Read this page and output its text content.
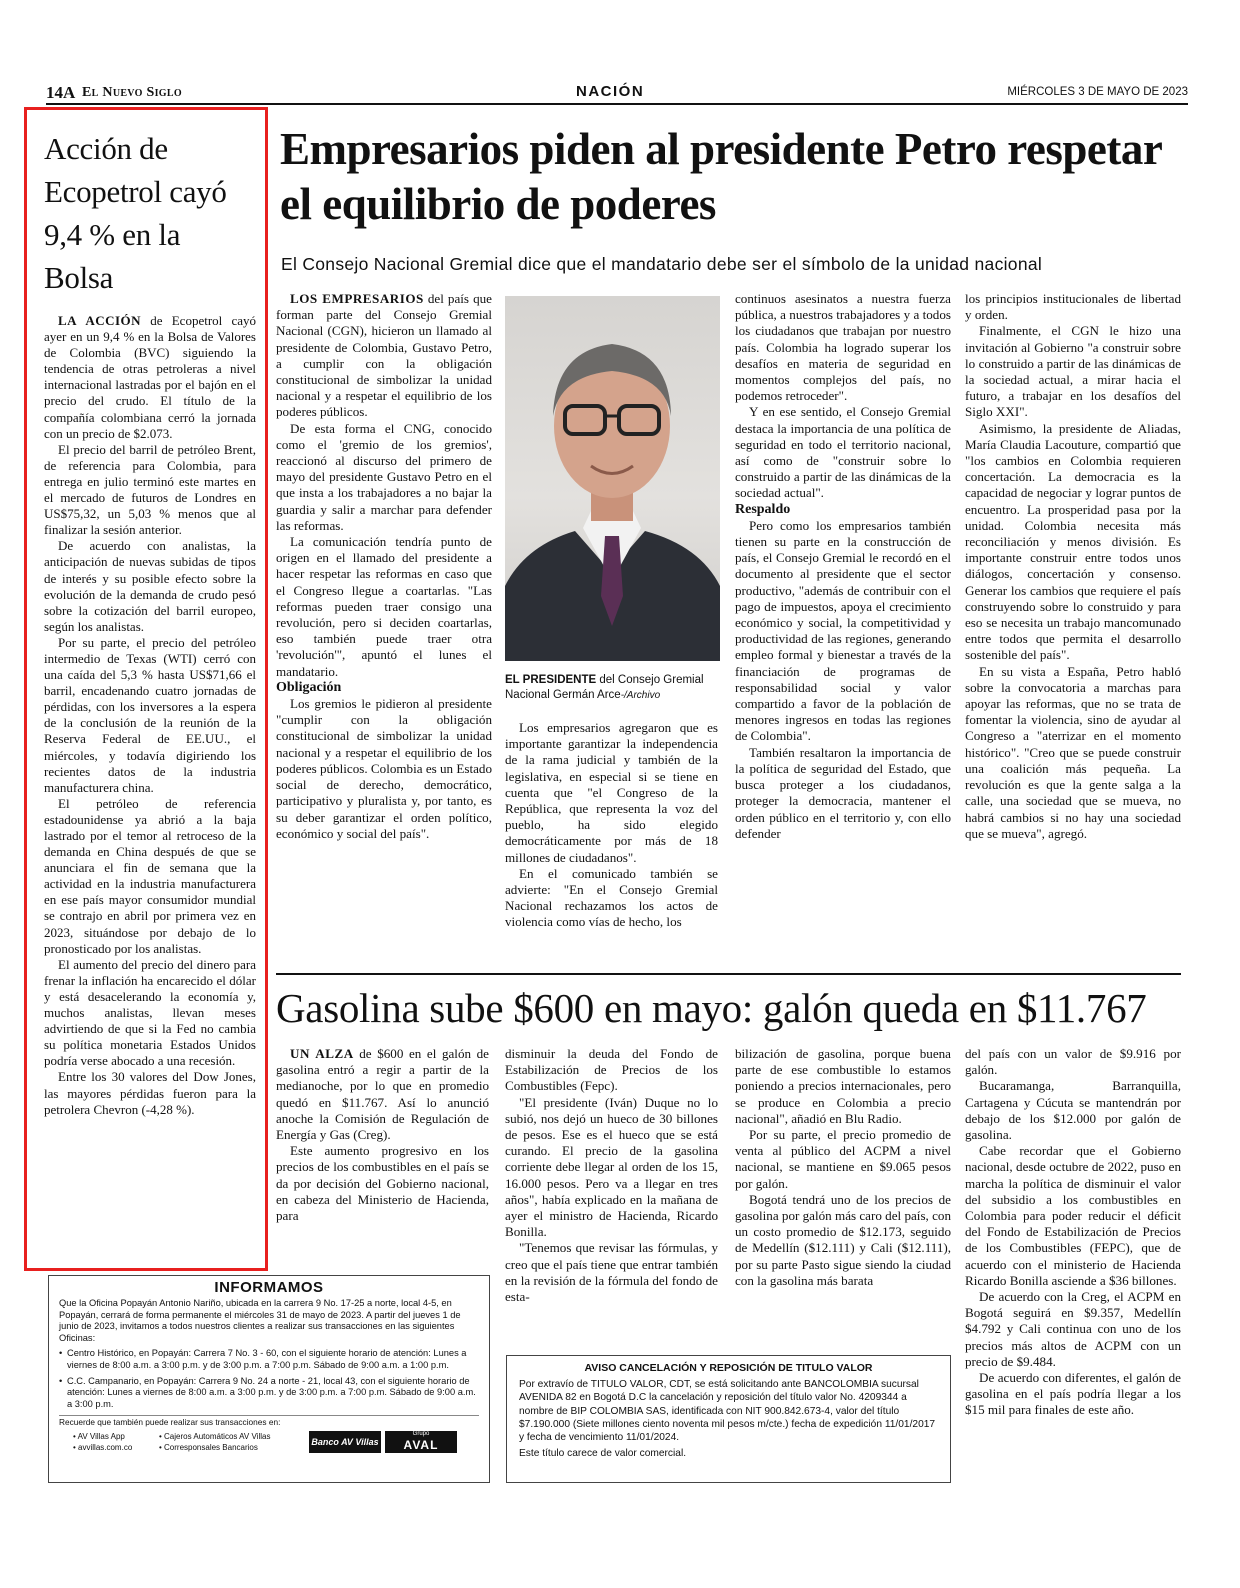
14A El Nuevo Siglo	NACIÓN	MIÉRCOLES 3 DE MAYO DE 2023
Acción de Ecopetrol cayó 9,4 % en la Bolsa

LA ACCIÓN de Ecopetrol cayó ayer en un 9,4 % en la Bolsa de Valores de Colombia (BVC) siguiendo la tendencia de otras petroleras a nivel internacional lastradas por el bajón en el precio del crudo. El título de la compañía colombiana cerró la jornada con un precio de $2.073.

El precio del barril de petróleo Brent, de referencia para Colombia, para entrega en julio terminó este martes en el mercado de futuros de Londres en US$75,32, un 5,03 % menos que al finalizar la sesión anterior.

De acuerdo con analistas, la anticipación de nuevas subidas de tipos de interés y su posible efecto sobre la evolución de la demanda de crudo pesó sobre la cotización del barril europeo, según los analistas.

Por su parte, el precio del petróleo intermedio de Texas (WTI) cerró con una caída del 5,3 % hasta US$71,66 el barril, encadenando cuatro jornadas de pérdidas, con los inversores a la espera de la conclusión de la reunión de la Reserva Federal de EE.UU., el miércoles, y todavía digiriendo los recientes datos de la industria manufacturera china.

El petróleo de referencia estadounidense ya abrió a la baja lastrado por el temor al retroceso de la demanda en China después de que se anunciara el fin de semana que la actividad en la industria manufacturera en ese país mayor consumidor mundial se contrajo en abril por primera vez en 2023, situándose por debajo de lo pronosticado por los analistas.

El aumento del precio del dinero para frenar la inflación ha encarecido el dólar y está desacelerando la economía y, muchos analistas, llevan meses advirtiendo de que si la Fed no cambia su política monetaria Estados Unidos podría verse abocado a una recesión.

Entre los 30 valores del Dow Jones, las mayores pérdidas fueron para la petrolera Chevron (-4,28 %).

Empresarios piden al presidente Petro respetar el equilibrio de poderes
El Consejo Nacional Gremial dice que el mandatario debe ser el símbolo de la unidad nacional

LOS EMPRESARIOS del país que forman parte del Consejo Gremial Nacional (CGN), hicieron un llamado al presidente de Colombia, Gustavo Petro, a cumplir con la obligación constitucional de simbolizar la unidad nacional y a respetar el equilibrio de los poderes públicos.

De esta forma el CNG, conocido como el 'gremio de los gremios', reaccionó al discurso del primero de mayo del presidente Gustavo Petro en el que insta a los trabajadores a no bajar la guardia y salir a marchar para defender las reformas.

La comunicación tendría punto de origen en el llamado del presidente a hacer respetar las reformas en caso que el Congreso llegue a coartarlas. "Las reformas pueden traer consigo una revolución, pero si deciden coartarlas, eso también puede traer otra 'revolución'", apuntó el lunes el mandatario.

Obligación

Los gremios le pidieron al presidente "cumplir con la obligación constitucional de simbolizar la unidad nacional y a respetar el equilibrio de los poderes públicos. Colombia es un Estado social de derecho, democrático, participativo y pluralista y, por tanto, es su deber garantizar el orden político, económico y social del país".

EL PRESIDENTE del Consejo Gremial Nacional Germán Arce-/Archivo

Los empresarios agregaron que es importante garantizar la independencia de la rama judicial y también de la legislativa, en especial si se tiene en cuenta que "el Congreso de la República, que representa la voz del pueblo, ha sido elegido democráticamente por más de 18 millones de ciudadanos".

En el comunicado también se advierte: "En el Consejo Gremial Nacional rechazamos los actos de violencia como vías de hecho, los

continuos asesinatos a nuestra fuerza pública, a nuestros trabajadores y a todos los ciudadanos que trabajan por nuestro país. Colombia ha logrado superar los desafíos en materia de seguridad en momentos complejos del país, no podemos retroceder".

Y en ese sentido, el Consejo Gremial destaca la importancia de una política de seguridad en todo el territorio nacional, así como de "construir sobre lo construido a partir de las dinámicas de la sociedad actual".

Respaldo

Pero como los empresarios también tienen su parte en la construcción de país, el Consejo Gremial le recordó en el documento al presidente que el sector productivo, "además de contribuir con el pago de impuestos, apoya el crecimiento económico y social, la competitividad y productividad de las regiones, generando empleo formal y bienestar a través de la financiación de programas de responsabilidad social y valor compartido a favor de la población de menores ingresos en todas las regiones de Colombia".

También resaltaron la importancia de la política de seguridad del Estado, que busca proteger a los ciudadanos, proteger la democracia, mantener el orden público en el territorio y, con ello defender

los principios institucionales de libertad y orden.

Finalmente, el CGN le hizo una invitación al Gobierno "a construir sobre lo construido a partir de las dinámicas de la sociedad actual, a mirar hacia el futuro, a trabajar en los desafíos del Siglo XXI".

Asimismo, la presidente de Aliadas, María Claudia Lacouture, compartió que "los cambios en Colombia requieren concertación. La democracia es la capacidad de negociar y lograr puntos de encuentro. La prosperidad pasa por la unidad. Colombia necesita más reconciliación y menos división. Es importante construir entre todos unos diálogos, concertación y consenso. Generar los cambios que requiere el país construyendo sobre lo construido y para eso se necesita un trabajo mancomunado entre todos que permita el desarrollo sostenible del país".

En su vista a España, Petro habló sobre la convocatoria a marchas para apoyar las reformas, que no se trata de fomentar la violencia, sino de ayudar al Congreso a "aterrizar en el momento histórico". "Creo que se puede construir una coalición más pequeña. La revolución es que la gente salga a la calle, una sociedad que se mueva, no habrá cambios si no hay una sociedad que se mueva", agregó.

Gasolina sube $600 en mayo: galón queda en $11.767

UN ALZA de $600 en el galón de gasolina entró a regir a partir de la medianoche, por lo que en promedio quedó en $11.767. Así lo anunció anoche la Comisión de Regulación de Energía y Gas (Creg).

Este aumento progresivo en los precios de los combustibles en el país se da por decisión del Gobierno nacional, en cabeza del Ministerio de Hacienda, para

disminuir la deuda del Fondo de Estabilización de Precios de los Combustibles (Fepc).

"El presidente (Iván) Duque no lo subió, nos dejó un hueco de 30 billones de pesos. Ese es el hueco que se está curando. El precio de la gasolina corriente debe llegar al orden de los 15, 16.000 pesos. Pero va a llegar en tres años", había explicado en la mañana de ayer el ministro de Hacienda, Ricardo Bonilla.

"Tenemos que revisar las fórmulas, y creo que el país tiene que entrar también en la revisión de la fórmula del fondo de esta-

bilización de gasolina, porque buena parte de ese combustible lo estamos poniendo a precios internacionales, pero se produce en Colombia a precio nacional", añadió en Blu Radio.

Por su parte, el precio promedio de venta al público del ACPM a nivel nacional, se mantiene en $9.065 pesos por galón.

Bogotá tendrá uno de los precios de gasolina por galón más caro del país, con un costo promedio de $12.173, seguido de Medellín ($12.111) y Cali ($12.111), por su parte Pasto sigue siendo la ciudad con la gasolina más barata

del país con un valor de $9.916 por galón.

Bucaramanga, Barranquilla, Cartagena y Cúcuta se mantendrán por debajo de los $12.000 por galón de gasolina.

Cabe recordar que el Gobierno nacional, desde octubre de 2022, puso en marcha la política de disminuir el valor del subsidio a los combustibles en Colombia para poder reducir el déficit del Fondo de Estabilización de Precios de los Combustibles (FEPC), que de acuerdo con el ministerio de Hacienda Ricardo Bonilla asciende a $36 billones.

De acuerdo con la Creg, el ACPM en Bogotá seguirá en $9.357, Medellín $4.792 y Cali continua con uno de los precios más altos de ACPM con un precio de $9.484.

De acuerdo con diferentes, el galón de gasolina en el país podría llegar a los $15 mil para finales de este año.

INFORMAMOS
Que la Oficina Popayán Antonio Nariño, ubicada en la carrera 9 No. 17-25 a norte, local 4-5, en Popayán, cerrará de forma permanente el miércoles 31 de mayo de 2023. A partir del jueves 1 de junio de 2023, invitamos a todos nuestros clientes a realizar sus transacciones en las siguientes Oficinas:
• Centro Histórico, en Popayán: Carrera 7 No. 3 - 60, con el siguiente horario de atención: Lunes a viernes de 8:00 a.m. a 3:00 p.m. y de 3:00 p.m. a 7:00 p.m. Sábado de 9:00 a.m. a 1:00 p.m.
• C.C. Campanario, en Popayán: Carrera 9 No. 24 a norte - 21, local 43, con el siguiente horario de atención: Lunes a viernes de 8:00 a.m. a 3:00 p.m. y de 3:00 p.m. a 7:00 p.m. Sábado de 9:00 a.m. a 3:00 p.m.
Recuerde que también puede realizar sus transacciones en:
• AV Villas App
• avvillas.com.co
• Cajeros Automáticos AV Villas
• Corresponsales Bancarios
Banco AV Villas
Grupo
AVAL
AVISO CANCELACIÓN Y REPOSICIÓN DE TITULO VALOR
Por extravío de TITULO VALOR, CDT, se está solicitando ante BANCOLOMBIA sucursal AVENIDA 82 en Bogotá D.C la cancelación y reposición del título valor No. 4209344 a nombre de BIP COLOMBIA SAS, identificada con NIT 900.842.673-4, valor del título $7.190.000 (Siete millones ciento noventa mil pesos m/cte.) fecha de expedición 11/01/2017 y fecha de vencimiento 11/01/2024.
Este título carece de valor comercial.
